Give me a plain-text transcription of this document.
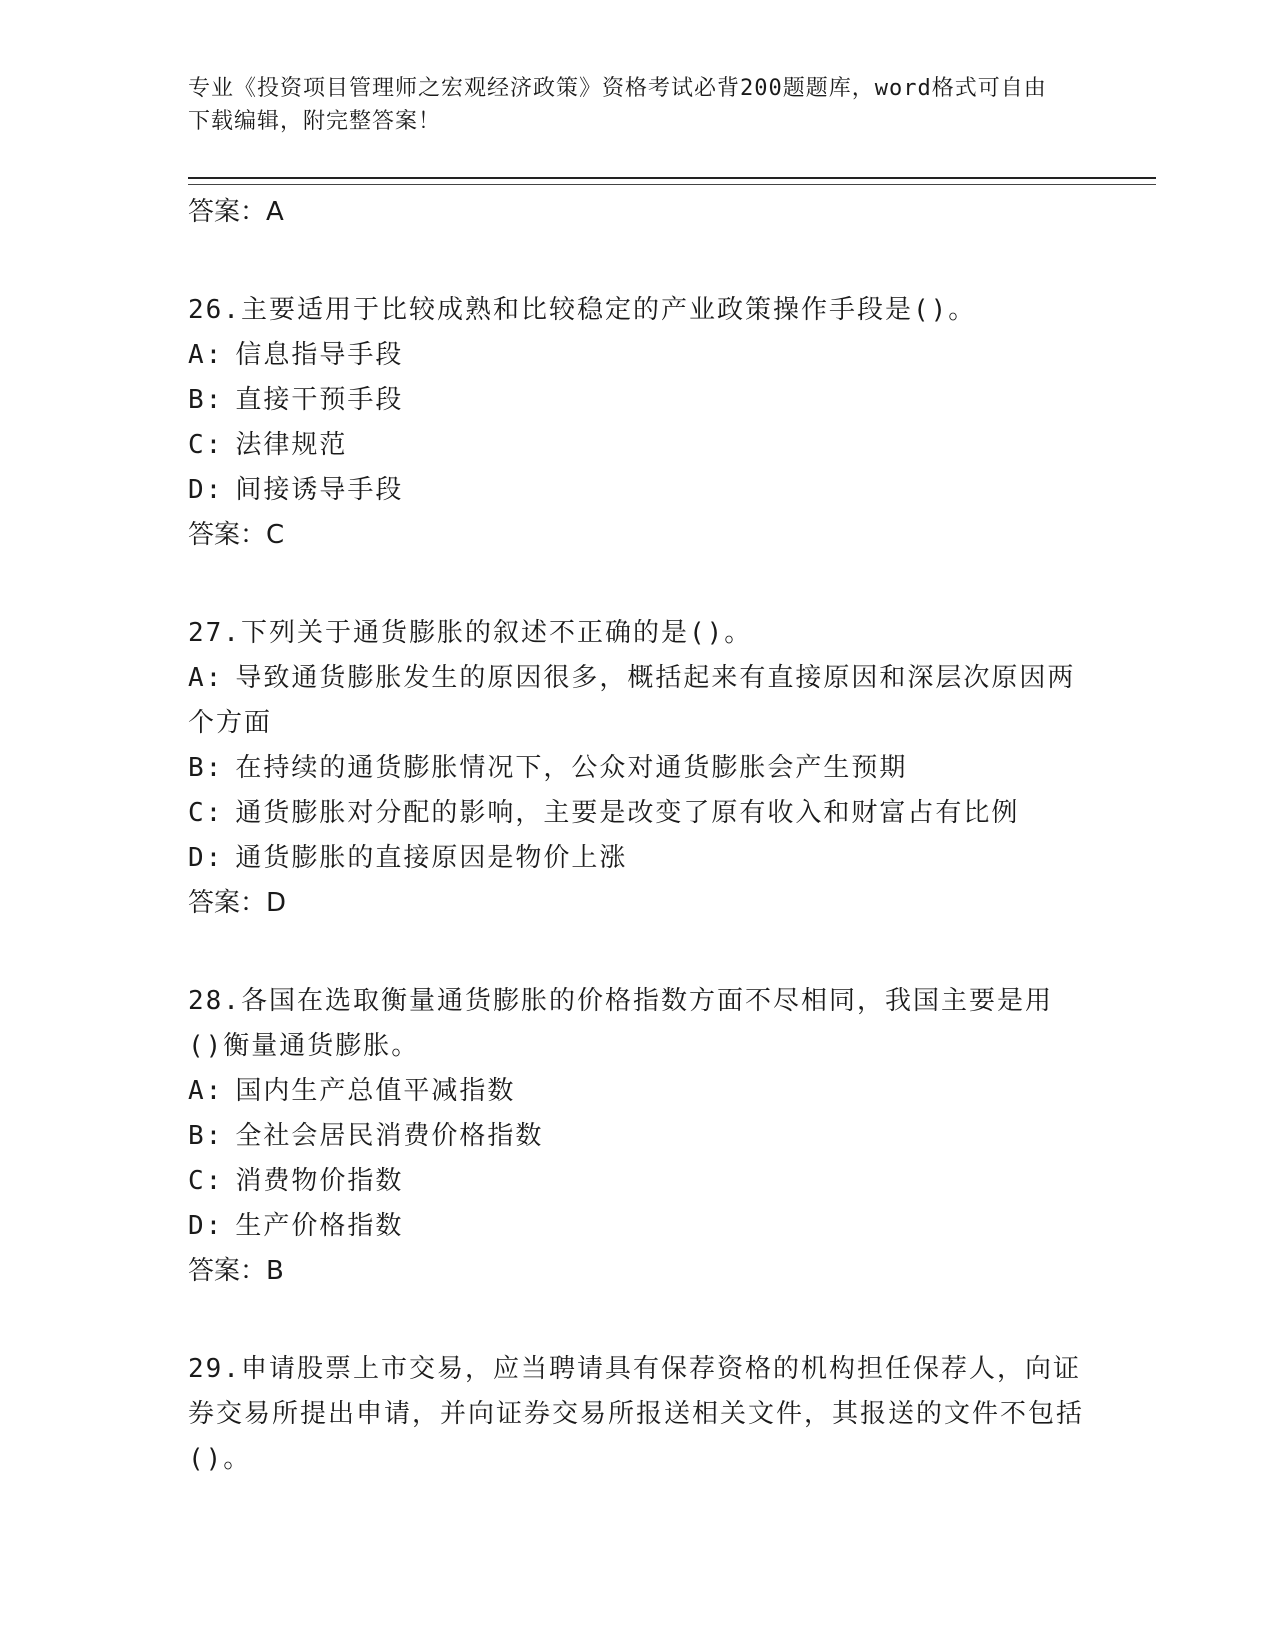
专业《投资项目管理师之宏观经济政策》资格考试必背200题题库，word格式可自由下载编辑，附完整答案！
答案：A
26.主要适用于比较成熟和比较稳定的产业政策操作手段是()。
A: 信息指导手段
B: 直接干预手段
C: 法律规范
D: 间接诱导手段
答案：C
27.下列关于通货膨胀的叙述不正确的是()。
A: 导致通货膨胀发生的原因很多，概括起来有直接原因和深层次原因两个方面
B: 在持续的通货膨胀情况下，公众对通货膨胀会产生预期
C: 通货膨胀对分配的影响，主要是改变了原有收入和财富占有比例
D: 通货膨胀的直接原因是物价上涨
答案：D
28.各国在选取衡量通货膨胀的价格指数方面不尽相同，我国主要是用()衡量通货膨胀。
A: 国内生产总值平减指数
B: 全社会居民消费价格指数
C: 消费物价指数
D: 生产价格指数
答案：B
29.申请股票上市交易，应当聘请具有保荐资格的机构担任保荐人，向证券交易所提出申请，并向证券交易所报送相关文件，其报送的文件不包括()。
